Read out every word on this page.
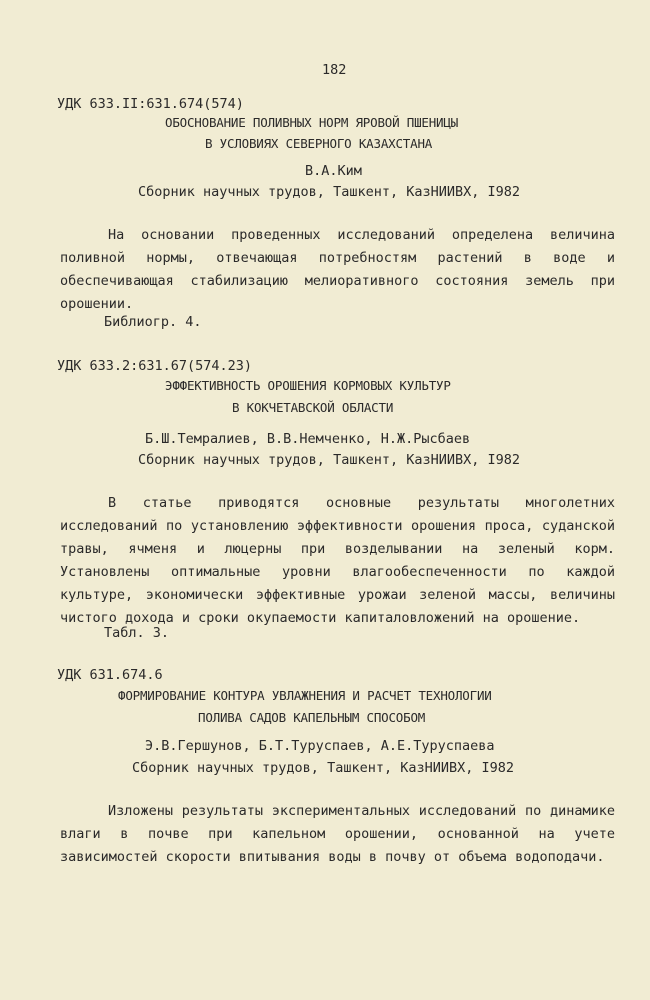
182
УДК 633.II:631.674(574)
ОБОСНОВАНИЕ ПОЛИВНЫХ НОРМ ЯРОВОЙ ПШЕНИЦЫ
В УСЛОВИЯХ СЕВЕРНОГО КАЗАХСТАНА
В.А.Ким
Сборник научных трудов, Ташкент, КазНИИВХ, I982

На основании проведенных исследований определена величина поливной нормы, отвечающая потребностям растений в воде и обеспечивающая стабилизацию мелиоративного состояния земель при орошении.

Библиогр. 4.
УДК 633.2:631.67(574.23)
ЭФФЕКТИВНОСТЬ ОРОШЕНИЯ КОРМОВЫХ КУЛЬТУР
В КОКЧЕТАВСКОЙ ОБЛАСТИ
Б.Ш.Темралиев, В.В.Немченко, Н.Ж.Рысбаев
Сборник научных трудов, Ташкент, КазНИИВХ, I982

В статье приводятся основные результаты многолетних исследований по установлению эффективности орошения проса, суданской травы, ячменя и люцерны при возделывании на зеленый корм. Установлены оптимальные уровни влагообеспеченности по каждой культуре, экономически эффективные урожаи зеленой массы, величины чистого дохода и сроки окупаемости капиталовложений на орошение.

Табл. 3.
УДК 631.674.6
ФОРМИРОВАНИЕ КОНТУРА УВЛАЖНЕНИЯ И РАСЧЕТ ТЕХНОЛОГИИ
ПОЛИВА САДОВ КАПЕЛЬНЫМ СПОСОБОМ
Э.В.Гершунов, Б.Т.Туруспаев, А.Е.Туруспаева
Сборник научных трудов, Ташкент, КазНИИВХ, I982

Изложены результаты экспериментальных исследований по динамике влаги в почве при капельном орошении, основанной на учете зависимостей скорости впитывания воды в почву от объема водоподачи.
